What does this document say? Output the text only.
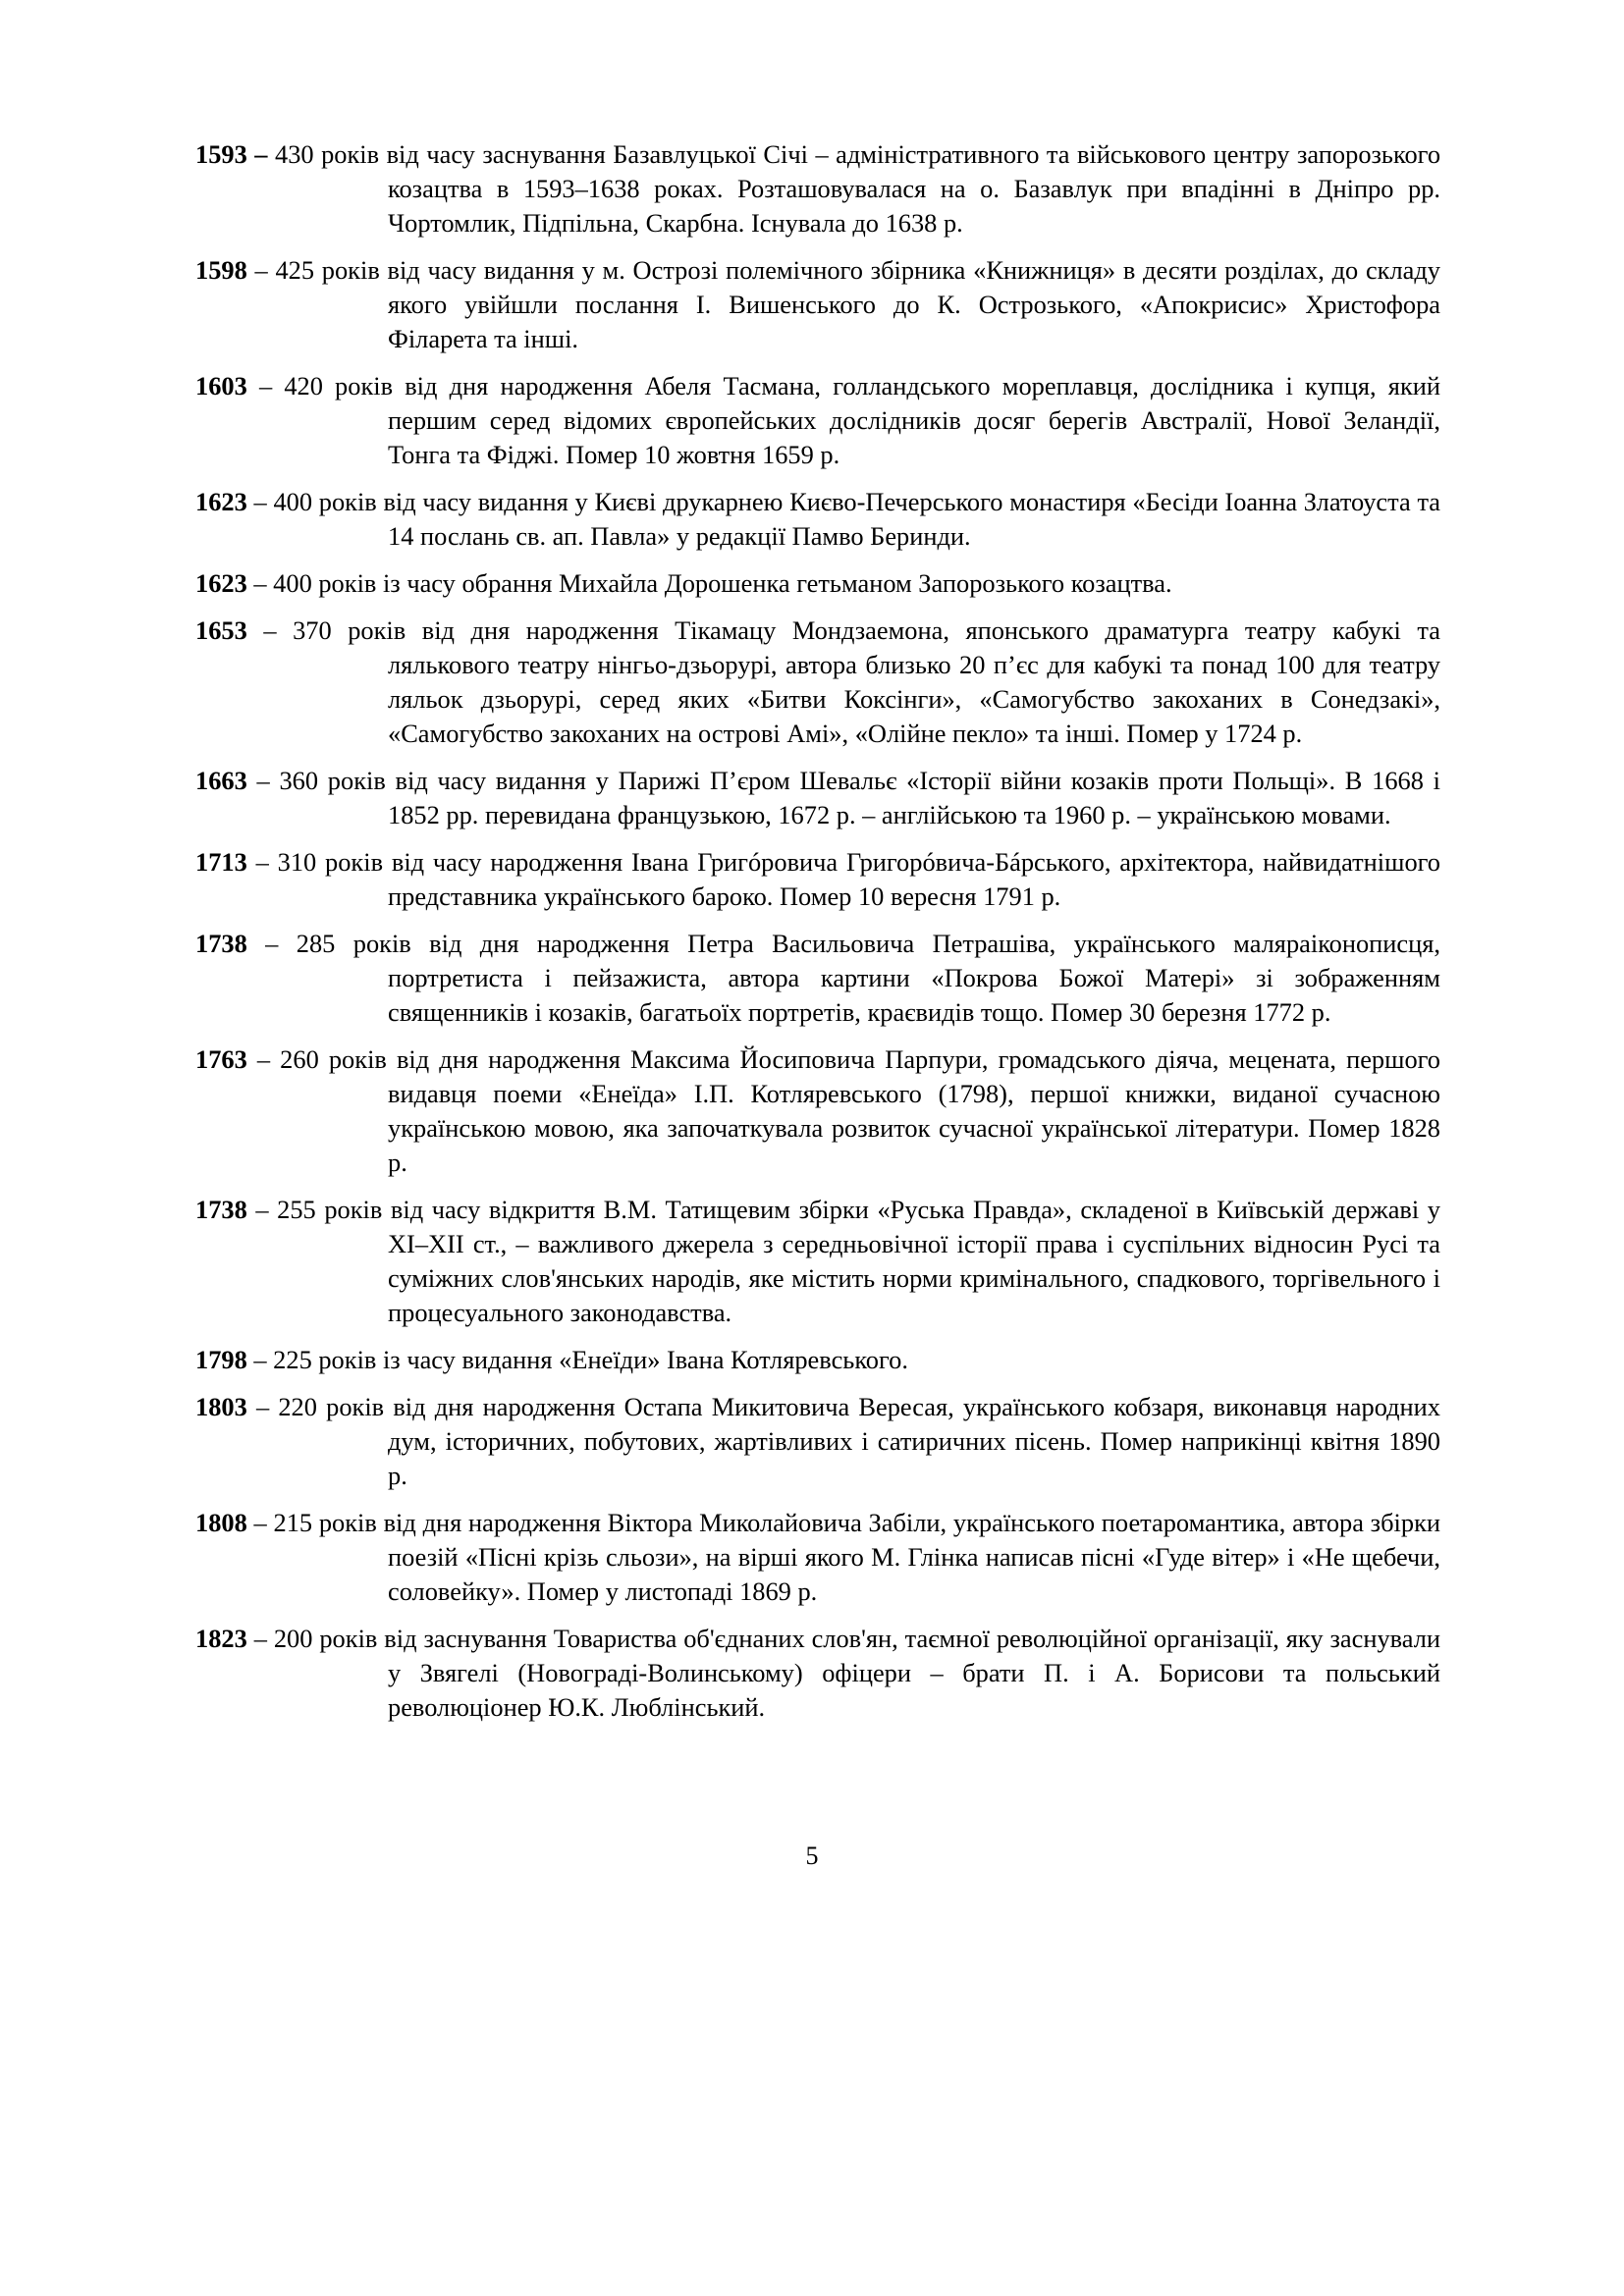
1593 – 430 років від часу заснування Базавлуцької Січі – адміністративного та військового центру запорозького козацтва в 1593–1638 роках. Розташовувалася на о. Базавлук при впадінні в Дніпро рр. Чортомлик, Підпільна, Скарбна. Існувала до 1638 р.

1598 – 425 років від часу видання у м. Острозі полемічного збірника «Книжниця» в десяти розділах, до складу якого увійшли послання І. Вишенського до К. Острозького, «Апокрисис» Христофора Філарета та інші.

1603 – 420 років від дня народження Абеля Тасмана, голландського мореплавця, дослідника і купця, який першим серед відомих європейських дослідників досяг берегів Австралії, Нової Зеландії, Тонга та Фіджі. Помер 10 жовтня 1659 р.

1623 – 400 років від часу видання у Києві друкарнею Києво-Печерського монастиря «Бесіди Іоанна Златоуста та 14 послань св. ап. Павла» у редакції Памво Беринди.

1623 – 400 років із часу обрання Михайла Дорошенка гетьманом Запорозького козацтва.

1653 – 370 років від дня народження Тікамацу Мондзаемона, японського драматурга театру кабукі та лялькового театру нінгьо-дзьорурі, автора близько 20 п’єс для кабукі та понад 100 для театру ляльок дзьорурі, серед яких «Битви Коксінги», «Самогубство закоханих в Сонедзакі», «Самогубство закоханих на острові Амі», «Олійне пекло» та інші. Помер у 1724 р.

1663 – 360 років від часу видання у Парижі П’єром Шевальє «Історії війни козаків проти Польщі». В 1668 і 1852 рр. перевидана французькою, 1672 р. – англійською та 1960 р. – українською мовами.

1713 – 310 років від часу народження Івана Григóровича Григорóвича-Бáрського, архітектора, найвидатнішого представника українського бароко. Помер 10 вересня 1791 р.

1738 – 285 років від дня народження Петра Васильовича Петрашіва, українського маляраіконописця, портретиста і пейзажиста, автора картини «Покрова Божої Матері» зі зображенням священників і козаків, багатьоїх портретів, краєвидів тощо. Помер 30 березня 1772 р.

1763 – 260 років від дня народження Максима Йосиповича Парпури, громадського діяча, мецената, першого видавця поеми «Енеїда» І.П. Котляревського (1798), першої книжки, виданої сучасною українською мовою, яка започаткувала розвиток сучасної української літератури. Помер 1828 р.

1738 – 255 років від часу відкриття В.М. Татищевим збірки «Руська Правда», складеної в Київській державі у XI–XII ст., – важливого джерела з середньовічної історії права і суспільних відносин Русі та суміжних слов'янських народів, яке містить норми кримінального, спадкового, торгівельного і процесуального законодавства.

1798 – 225 років із часу видання «Енеїди» Івана Котляревського.

1803 – 220 років від дня народження Остапа Микитовича Вересая, українського кобзаря, виконавця народних дум, історичних, побутових, жартівливих і сатиричних пісень. Помер наприкінці квітня 1890 р.

1808 – 215 років від дня народження Віктора Миколайовича Забіли, українського поетаромантика, автора збірки поезій «Пісні крізь сльози», на вірші якого М. Глінка написав пісні «Гуде вітер» і «Не щебечи, соловейку». Помер у листопаді 1869 р.

1823 – 200 років від заснування Товариства об'єднаних слов'ян, таємної революційної організації, яку заснували у Звягелі (Новограді-Волинському) офіцери – брати П. і А. Борисови та польський революціонер Ю.К. Люблінський.

5
